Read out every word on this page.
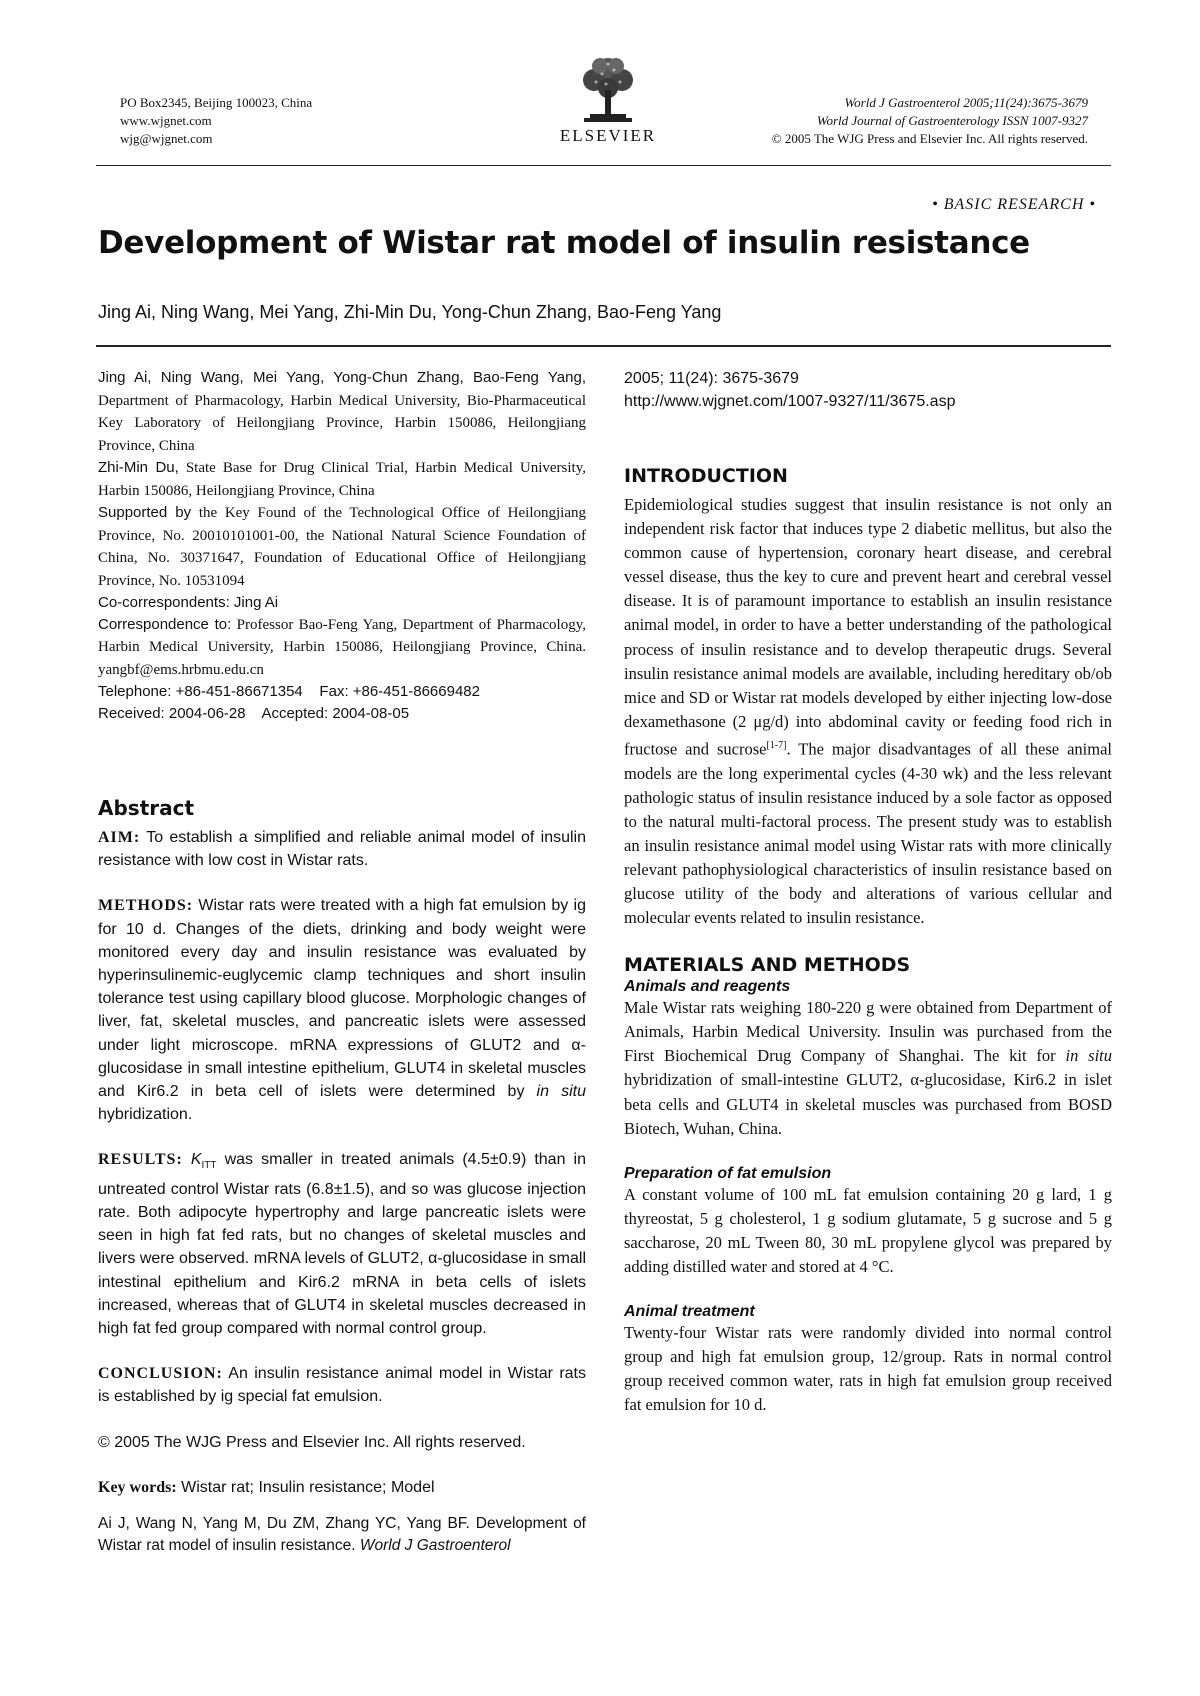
PO Box2345, Beijing 100023, China
www.wjgnet.com
wjg@wjgnet.com	ELSEVIER
World J Gastroenterol 2005;11(24):3675-3679
World Journal of Gastroenterology ISSN 1007-9327
© 2005 The WJG Press and Elsevier Inc. All rights reserved.
• BASIC RESEARCH •
Development of Wistar rat model of insulin resistance
Jing Ai, Ning Wang, Mei Yang, Zhi-Min Du, Yong-Chun Zhang, Bao-Feng Yang

Jing Ai, Ning Wang, Mei Yang, Yong-Chun Zhang, Bao-Feng Yang, Department of Pharmacology, Harbin Medical University, Bio-Pharmaceutical Key Laboratory of Heilongjiang Province, Harbin 150086, Heilongjiang Province, China

Zhi-Min Du, State Base for Drug Clinical Trial, Harbin Medical University, Harbin 150086, Heilongjiang Province, China

Supported by the Key Found of the Technological Office of Heilongjiang Province, No. 20010101001-00, the National Natural Science Foundation of China, No. 30371647, Foundation of Educational Office of Heilongjiang Province, No. 10531094

Co-correspondents: Jing Ai

Correspondence to: Professor Bao-Feng Yang, Department of Pharmacology, Harbin Medical University, Harbin 150086, Heilongjiang Province, China. yangbf@ems.hrbmu.edu.cn

Telephone: +86-451-86671354    Fax: +86-451-86669482

Received: 2004-06-28    Accepted: 2004-08-05

Abstract

AIM: To establish a simplified and reliable animal model of insulin resistance with low cost in Wistar rats.

METHODS: Wistar rats were treated with a high fat emulsion by ig for 10 d. Changes of the diets, drinking and body weight were monitored every day and insulin resistance was evaluated by hyperinsulinemic-euglycemic clamp techniques and short insulin tolerance test using capillary blood glucose. Morphologic changes of liver, fat, skeletal muscles, and pancreatic islets were assessed under light microscope. mRNA expressions of GLUT2 and α-glucosidase in small intestine epithelium, GLUT4 in skeletal muscles and Kir6.2 in beta cell of islets were determined by in situ hybridization.

RESULTS: $K_{ITT}$ was smaller in treated animals (4.5±0.9) than in untreated control Wistar rats (6.8±1.5), and so was glucose injection rate. Both adipocyte hypertrophy and large pancreatic islets were seen in high fat fed rats, but no changes of skeletal muscles and livers were observed. mRNA levels of GLUT2, α-glucosidase in small intestinal epithelium and Kir6.2 mRNA in beta cells of islets increased, whereas that of GLUT4 in skeletal muscles decreased in high fat fed group compared with normal control group.

CONCLUSION: An insulin resistance animal model in Wistar rats is established by ig special fat emulsion.

© 2005 The WJG Press and Elsevier Inc. All rights reserved.

Key words: Wistar rat; Insulin resistance; Model

Ai J, Wang N, Yang M, Du ZM, Zhang YC, Yang BF. Development of Wistar rat model of insulin resistance. World J Gastroenterol

2005; 11(24): 3675-3679
http://www.wjgnet.com/1007-9327/11/3675.asp
INTRODUCTION

Epidemiological studies suggest that insulin resistance is not only an independent risk factor that induces type 2 diabetic mellitus, but also the common cause of hypertension, coronary heart disease, and cerebral vessel disease, thus the key to cure and prevent heart and cerebral vessel disease. It is of paramount importance to establish an insulin resistance animal model, in order to have a better understanding of the pathological process of insulin resistance and to develop therapeutic drugs. Several insulin resistance animal models are available, including hereditary ob/ob mice and SD or Wistar rat models developed by either injecting low-dose dexamethasone (2 μg/d) into abdominal cavity or feeding food rich in fructose and sucrose[1-7]. The major disadvantages of all these animal models are the long experimental cycles (4-30 wk) and the less relevant pathologic status of insulin resistance induced by a sole factor as opposed to the natural multi-factoral process. The present study was to establish an insulin resistance animal model using Wistar rats with more clinically relevant pathophysiological characteristics of insulin resistance based on glucose utility of the body and alterations of various cellular and molecular events related to insulin resistance.

MATERIALS AND METHODS
Animals and reagents

Male Wistar rats weighing 180-220 g were obtained from Department of Animals, Harbin Medical University. Insulin was purchased from the First Biochemical Drug Company of Shanghai. The kit for in situ hybridization of small-intestine GLUT2, α-glucosidase, Kir6.2 in islet beta cells and GLUT4 in skeletal muscles was purchased from BOSD Biotech, Wuhan, China.

Preparation of fat emulsion

A constant volume of 100 mL fat emulsion containing 20 g lard, 1 g thyreostat, 5 g cholesterol, 1 g sodium glutamate, 5 g sucrose and 5 g saccharose, 20 mL Tween 80, 30 mL propylene glycol was prepared by adding distilled water and stored at 4 °C.

Animal treatment

Twenty-four Wistar rats were randomly divided into normal control group and high fat emulsion group, 12/group. Rats in normal control group received common water, rats in high fat emulsion group received fat emulsion for 10 d.
